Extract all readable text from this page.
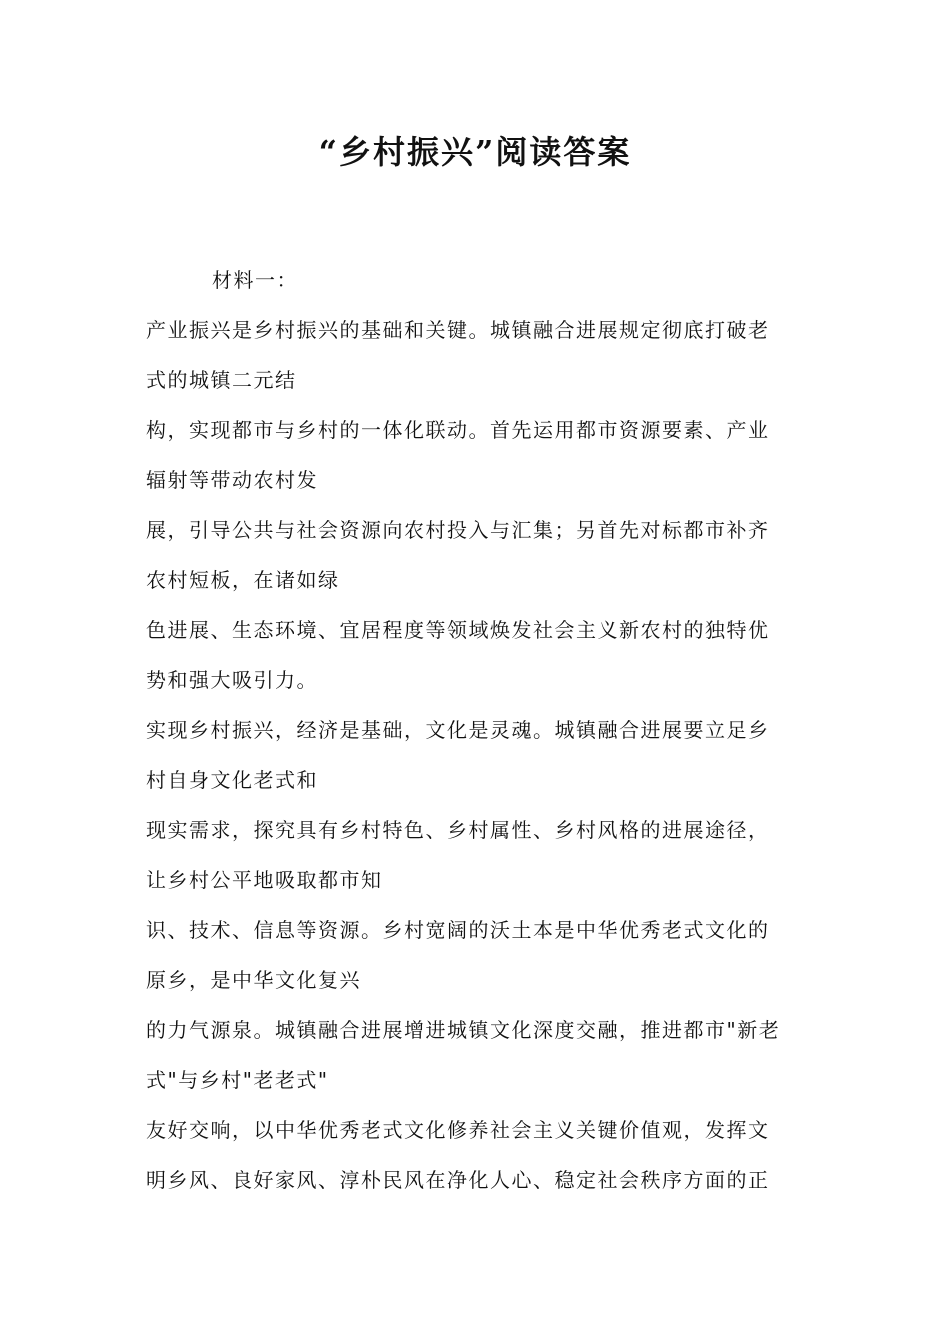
“乡村振兴”阅读答案
材料一：
产业振兴是乡村振兴的基础和关键。城镇融合进展规定彻底打破老
式的城镇二元结
构，实现都市与乡村的一体化联动。首先运用都市资源要素、产业
辐射等带动农村发
展，引导公共与社会资源向农村投入与汇集；另首先对标都市补齐
农村短板，在诸如绿
色进展、生态环境、宜居程度等领域焕发社会主义新农村的独特优
势和强大吸引力。
实现乡村振兴，经济是基础，文化是灵魂。城镇融合进展要立足乡
村自身文化老式和
现实需求，探究具有乡村特色、乡村属性、乡村风格的进展途径，
让乡村公平地吸取都市知
识、技术、信息等资源。乡村宽阔的沃土本是中华优秀老式文化的
原乡，是中华文化复兴
的力气源泉。城镇融合进展增进城镇文化深度交融，推进都市"新老
式"与乡村"老老式"
友好交响，以中华优秀老式文化修养社会主义关键价值观，发挥文
明乡风、良好家风、淳朴民风在净化人心、稳定社会秩序方面的正
